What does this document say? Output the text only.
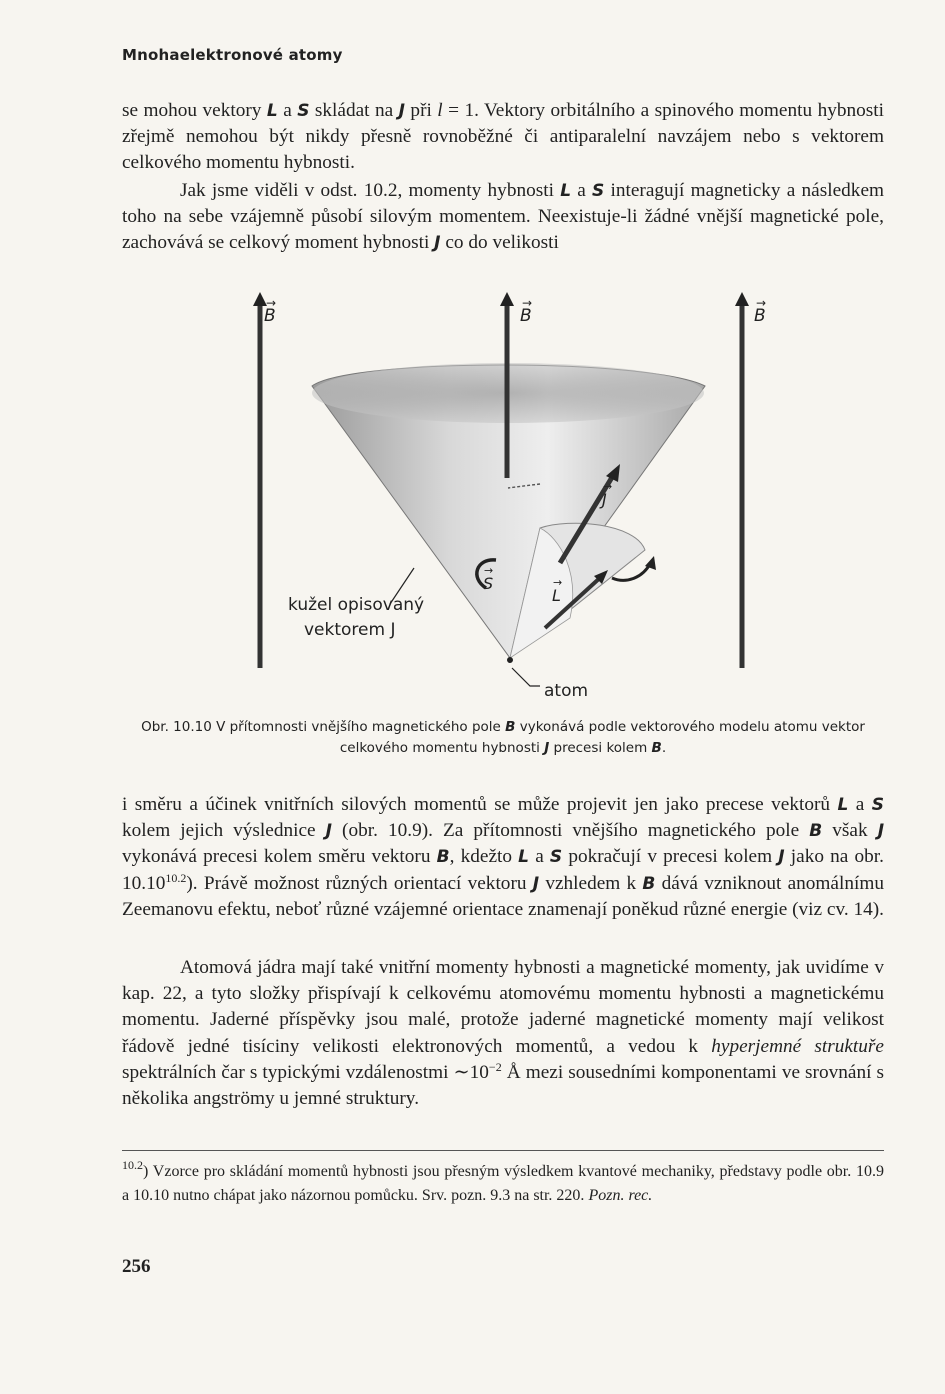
Mnohaelektronové atomy

se mohou vektory L a S skládat na J při l = 1. Vektory orbitálního a spinového momentu hybnosti zřejmě nemohou být nikdy přesně rovnoběžné či antiparalelní navzájem nebo s vektorem celkového momentu hybnosti.

Jak jsme viděli v odst. 10.2, momenty hybnosti L a S interagují magneticky a následkem toho na sebe vzájemně působí silovým momentem. Neexistuje-li žádné vnější magnetické pole, zachovává se celkový moment hybnosti J co do velikosti

→
B
→
B
→
B
→
J
→
S	→
L
kužel opisovaný
vektorem J
atom
Obr. 10.10 V přítomnosti vnějšího magnetického pole B vykonává podle vektorového modelu atomu vektor celkového momentu hybnosti J precesi kolem B.

i směru a účinek vnitřních silových momentů se může projevit jen jako precese vektorů L a S kolem jejich výslednice J (obr. 10.9). Za přítomnosti vnějšího magnetického pole B však J vykonává precesi kolem směru vektoru B, kdežto L a S pokračují v precesi kolem J jako na obr. $10.10^{10.2}$). Právě možnost různých orientací vektoru J vzhledem k B dává vzniknout anomálnímu Zeemanovu efektu, neboť různé vzájemné orientace znamenají poněkud různé energie (viz cv. 14).

Atomová jádra mají také vnitřní momenty hybnosti a magnetické momenty, jak uvidíme v kap. 22, a tyto složky přispívají k celkovému atomovému momentu hybnosti a magnetickému momentu. Jaderné příspěvky jsou malé, protože jaderné magnetické momenty mají velikost řádově jedné tisíciny velikosti elektronových momentů, a vedou k hyperjemné struktuře spektrálních čar s typickými vzdálenostmi $\sim 10^{-2}$ Å mezi sousedními komponentami ve srovnání s několika angströmy u jemné struktury.

$^{10.2}$) Vzorce pro skládání momentů hybnosti jsou přesným výsledkem kvantové mechaniky, představy podle obr. 10.9 a 10.10 nutno chápat jako názornou pomůcku. Srv. pozn. 9.3 na str. 220. Pozn. rec.

256
